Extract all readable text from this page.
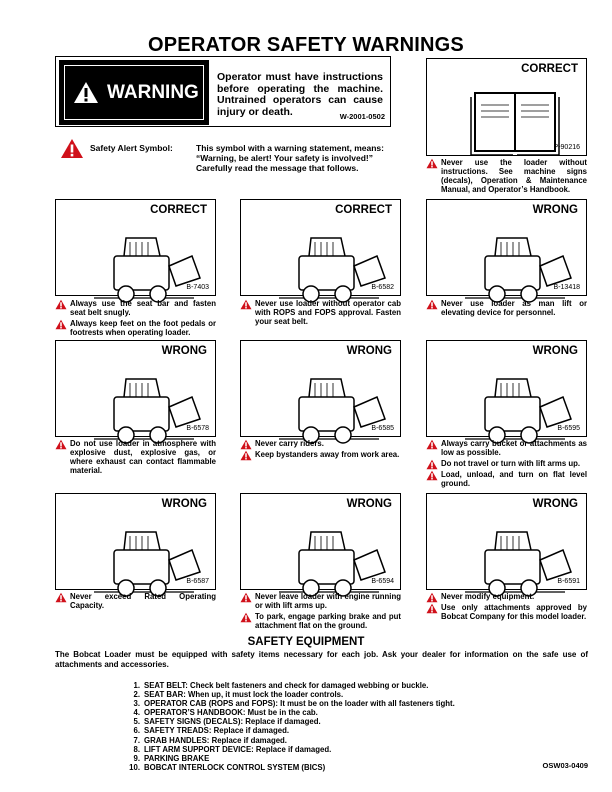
OPERATOR SAFETY WARNINGS
WARNING
Operator must have instructions before operating the machine. Untrained operators can cause injury or death.	W-2001-0502
Safety Alert Symbol:	This symbol with a warning statement, means: “Warning, be alert! Your safety is involved!” Carefully read the message that follows.
CORRECT
P-90216
Never use the loader without instructions. See machine signs (decals), Operation & Maintenance Manual, and Operator’s Handbook.
CORRECT
B-7403
Always use the seat bar and fasten seat belt snugly.
Always keep feet on the foot pedals or footrests when operating loader.
CORRECT
B-6582
Never use loader without operator cab with ROPS and FOPS approval. Fasten your seat belt.
WRONG
B-13418
Never use loader as man lift or elevating device for personnel.
WRONG
B-6578
Do not use loader in atmosphere with explosive dust, explosive gas, or where exhaust can contact flammable material.
WRONG
B-6585
Never carry riders.
Keep bystanders away from work area.
WRONG
B-6595
Always carry bucket or attachments as low as possible.
Do not travel or turn with lift arms up.
Load, unload, and turn on flat level ground.
WRONG
B-6587
Never exceed Rated Operating Capacity.
WRONG
B-6594
Never leave loader with engine running or with lift arms up.
To park, engage parking brake and put attachment flat on the ground.
WRONG
B-6591
Never modify equipment.
Use only attachments approved by Bobcat Company for this model loader.
SAFETY EQUIPMENT
The Bobcat Loader must be equipped with safety items necessary for each job. Ask your dealer for information on the safe use of attachments and accessories.
1. SEAT BELT: Check belt fasteners and check for damaged webbing or buckle.
2. SEAT BAR: When up, it must lock the loader controls.
3. OPERATOR CAB (ROPS and FOPS): It must be on the loader with all fasteners tight.
4. OPERATOR’S HANDBOOK: Must be in the cab.
5. SAFETY SIGNS (DECALS): Replace if damaged.
6. SAFETY TREADS: Replace if damaged.
7. GRAB HANDLES: Replace if damaged.
8. LIFT ARM SUPPORT DEVICE: Replace if damaged.
9. PARKING BRAKE
10. BOBCAT INTERLOCK CONTROL SYSTEM (BICS)	OSW03-0409
